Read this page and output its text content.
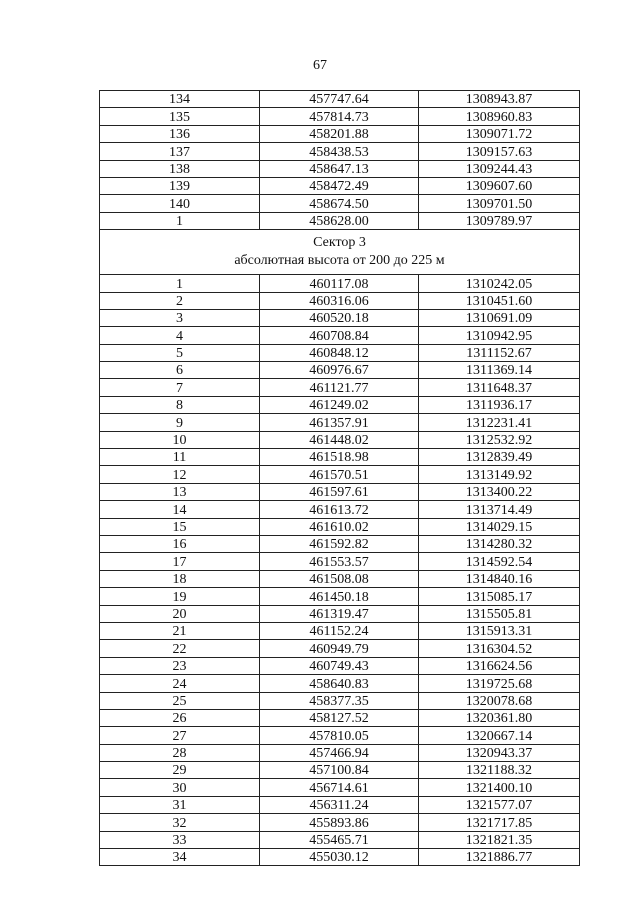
67
134	457747.64	1308943.87
135	457814.73	1308960.83
136	458201.88	1309071.72
137	458438.53	1309157.63
138	458647.13	1309244.43
139	458472.49	1309607.60
140	458674.50	1309701.50
1	458628.00	1309789.97

Сектор 3
абсолютная высота от 200 до 225 м		

1	460117.08	1310242.05
2	460316.06	1310451.60
3	460520.18	1310691.09
4	460708.84	1310942.95
5	460848.12	1311152.67
6	460976.67	1311369.14
7	461121.77	1311648.37
8	461249.02	1311936.17
9	461357.91	1312231.41
10	461448.02	1312532.92
11	461518.98	1312839.49
12	461570.51	1313149.92
13	461597.61	1313400.22
14	461613.72	1313714.49
15	461610.02	1314029.15
16	461592.82	1314280.32
17	461553.57	1314592.54
18	461508.08	1314840.16
19	461450.18	1315085.17
20	461319.47	1315505.81
21	461152.24	1315913.31
22	460949.79	1316304.52
23	460749.43	1316624.56
24	458640.83	1319725.68
25	458377.35	1320078.68
26	458127.52	1320361.80
27	457810.05	1320667.14
28	457466.94	1320943.37
29	457100.84	1321188.32
30	456714.61	1321400.10
31	456311.24	1321577.07
32	455893.86	1321717.85
33	455465.71	1321821.35
34	455030.12	1321886.77
